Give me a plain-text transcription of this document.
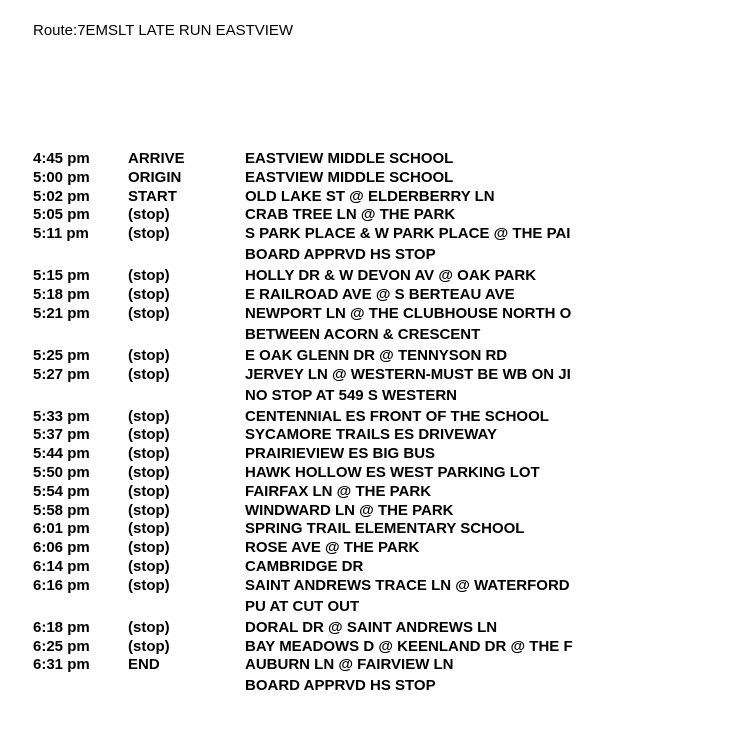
Route:7EMSLT LATE RUN EASTVIEW
4:45 pm	ARRIVE	EASTVIEW MIDDLE SCHOOL
5:00 pm	ORIGIN	EASTVIEW MIDDLE SCHOOL
5:02 pm	START	OLD LAKE ST @ ELDERBERRY LN
5:05 pm	(stop)	CRAB TREE LN @ THE PARK
5:11 pm	(stop)	S PARK PLACE & W PARK PLACE @ THE PAI
BOARD APPRVD HS STOP
5:15 pm	(stop)	HOLLY DR & W DEVON AV @ OAK PARK
5:18 pm	(stop)	E RAILROAD AVE @ S BERTEAU AVE
5:21 pm	(stop)	NEWPORT LN @ THE CLUBHOUSE NORTH O
BETWEEN ACORN & CRESCENT
5:25 pm	(stop)	E OAK GLENN DR @ TENNYSON RD
5:27 pm	(stop)	JERVEY LN @ WESTERN-MUST BE WB ON JI
NO STOP AT 549 S WESTERN
5:33 pm	(stop)	CENTENNIAL ES FRONT OF THE SCHOOL
5:37 pm	(stop)	SYCAMORE TRAILS ES DRIVEWAY
5:44 pm	(stop)	PRAIRIEVIEW ES BIG BUS
5:50 pm	(stop)	HAWK HOLLOW ES WEST PARKING LOT
5:54 pm	(stop)	FAIRFAX LN @ THE PARK
5:58 pm	(stop)	WINDWARD LN @ THE PARK
6:01 pm	(stop)	SPRING TRAIL ELEMENTARY SCHOOL
6:06 pm	(stop)	ROSE AVE @ THE PARK
6:14 pm	(stop)	CAMBRIDGE DR
6:16 pm	(stop)	SAINT ANDREWS TRACE LN @ WATERFORD
PU AT CUT OUT
6:18 pm	(stop)	DORAL DR @ SAINT ANDREWS LN
6:25 pm	(stop)	BAY MEADOWS D @ KEENLAND DR @ THE F
6:31 pm	END	AUBURN LN @ FAIRVIEW LN
BOARD APPRVD HS STOP
